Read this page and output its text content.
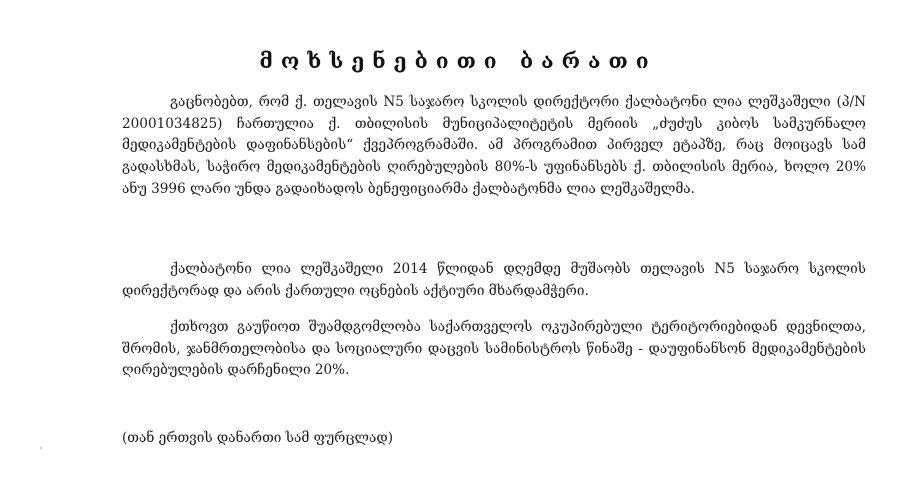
მოხსენებითი ბარათი

გაცნობებთ, რომ ქ. თელავის N5 საჯარო სკოლის დირექტორი ქალბატონი ლია ლეშკაშელი (პ/N 20001034825) ჩართულია ქ. თბილისის მუნიციპალიტეტის მერიის „ძუძუს კიბოს სამკურნალო მედიკამენტების დაფინანსების“ ქვეპროგრამაში. ამ პროგრამით პირველ ეტაპზე, რაც მოიცავს სამ გადასხმას, საჭირო მედიკამენტების ღირებულების 80%-ს უფინანსებს ქ. თბილისის მერია, ხოლო 20% ანუ 3996 ლარი უნდა გადაიხადოს ბენეფიციარმა ქალბატონმა ლია ლეშკაშელმა.

ქალბატონი ლია ლეშკაშელი 2014 წლიდან დღემდე მუშაობს თელავის N5 საჯარო სკოლის დირექტორად და არის ქართული ოცნების აქტიური მხარდამჭერი.

ქთხოვთ გაუწიოთ შუამდგომლობა საქართველოს ოკუპირებული ტერიტორიებიდან დევნილთა, შრომის, ჯანმრთელობისა და სოციალური დაცვის სამინისტროს წინაშე - დაუფინანსონ მედიკამენტების ღირებულების დარჩენილი 20%.

(თან ერთვის დანართი სამ ფურცლად)
